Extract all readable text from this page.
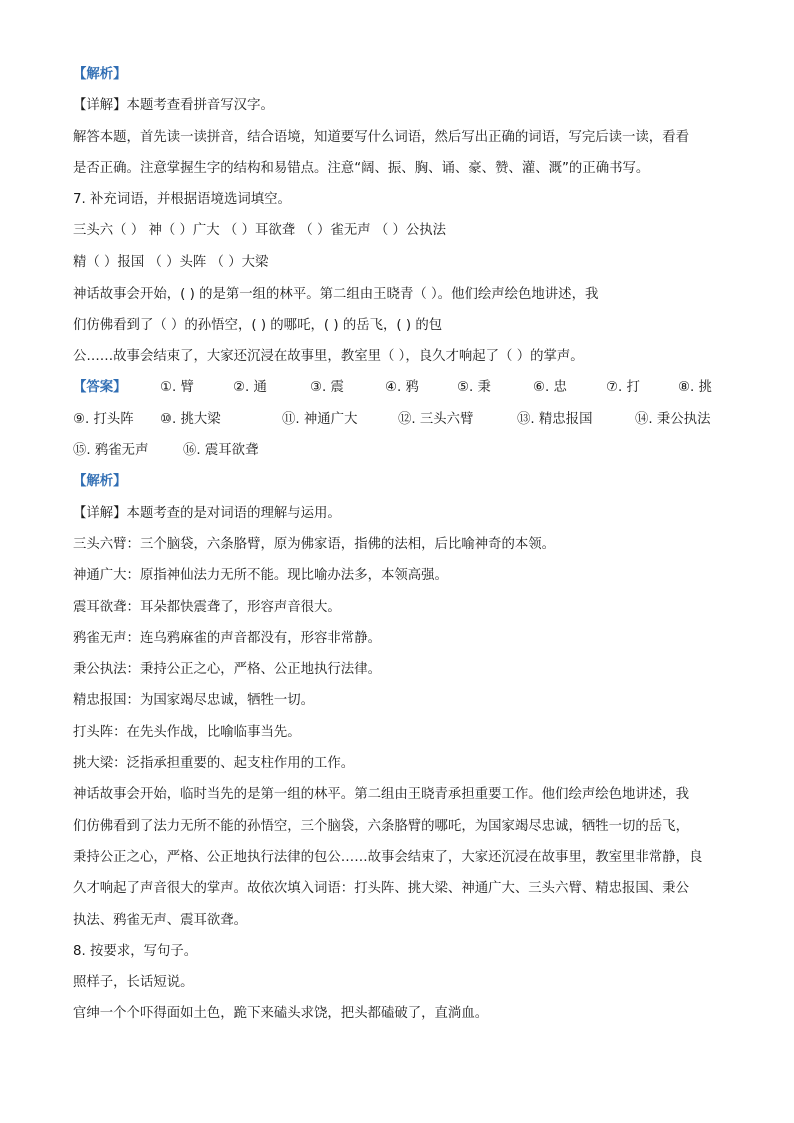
【解析】
【详解】本题考查看拼音写汉字。
解答本题，首先读一读拼音，结合语境，知道要写什么词语，然后写出正确的词语，写完后读一读，看看
是否正确。注意掌握生字的结构和易错点。注意“阔、振、胸、诵、豪、赞、灌、溉”的正确书写。
7. 补充词语，并根据语境选词填空。
三头六（ ） 神（ ）广大 （ ）耳欲聋 （ ）雀无声 （ ）公执法
精（ ）报国 （ ）头阵 （ ）大梁
神话故事会开始，( ) 的是第一组的林平。第二组由王晓青（ ）。他们绘声绘色地讲述，我
们仿佛看到了（ ）的孙悟空，( ) 的哪吒，( ) 的岳飞，( ) 的包
公……故事会结束了，大家还沉浸在故事里，教室里（ ），良久才响起了（ ）的掌声。
【答案】 ①. 臂	②. 通	③. 震	④. 鸦	⑤. 秉	⑥. 忠	⑦. 打	⑧. 挑
⑨. 打头阵 ⑩. 挑大梁	⑪. 神通广大	⑫. 三头六臂	⑬. 精忠报国	⑭. 秉公执法
⑮. 鸦雀无声	⑯. 震耳欲聋
【解析】
【详解】本题考查的是对词语的理解与运用。
三头六臂：三个脑袋，六条胳臂，原为佛家语，指佛的法相，后比喻神奇的本领。
神通广大：原指神仙法力无所不能。现比喻办法多，本领高强。
震耳欲聋：耳朵都快震聋了，形容声音很大。
鸦雀无声：连乌鸦麻雀的声音都没有，形容非常静。
秉公执法：秉持公正之心，严格、公正地执行法律。
精忠报国：为国家竭尽忠诚，牺牲一切。
打头阵：在先头作战，比喻临事当先。
挑大梁：泛指承担重要的、起支柱作用的工作。
神话故事会开始，临时当先的是第一组的林平。第二组由王晓青承担重要工作。他们绘声绘色地讲述，我
们仿佛看到了法力无所不能的孙悟空，三个脑袋，六条胳臂的哪吒，为国家竭尽忠诚，牺牲一切的岳飞，
秉持公正之心，严格、公正地执行法律的包公……故事会结束了，大家还沉浸在故事里，教室里非常静，良
久才响起了声音很大的掌声。故依次填入词语：打头阵、挑大梁、神通广大、三头六臂、精忠报国、秉公
执法、鸦雀无声、震耳欲聋。
8. 按要求，写句子。
照样子，长话短说。
官绅一个个吓得面如土色，跪下来磕头求饶，把头都磕破了，直淌血。
